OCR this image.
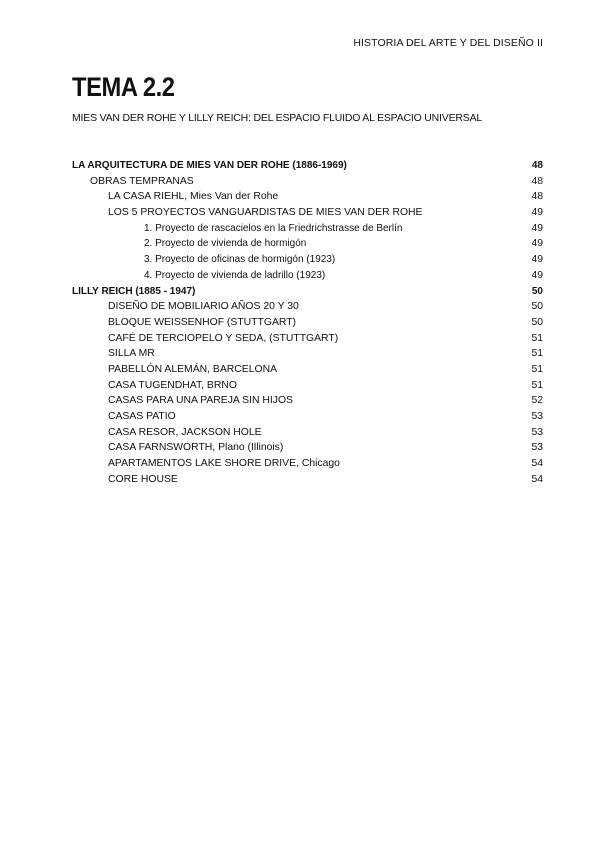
HISTORIA DEL ARTE Y DEL DISEÑO II
TEMA 2.2
MIES VAN DER ROHE Y LILLY REICH: DEL ESPACIO FLUIDO AL ESPACIO UNIVERSAL
LA ARQUITECTURA DE MIES VAN DER ROHE (1886-1969)	48
OBRAS TEMPRANAS	48
LA CASA RIEHL, Mies Van der Rohe	48
LOS 5 PROYECTOS VANGUARDISTAS DE MIES VAN DER ROHE	49
1. Proyecto de rascacielos en la Friedrichstrasse de Berlín	49
2. Proyecto de vivienda de hormigón	49
3. Proyecto de oficinas de hormigón (1923)	49
4. Proyecto de vivienda de ladrillo (1923)	49
LILLY REICH (1885 - 1947)	50
DISEÑO DE MOBILIARIO AÑOS 20 Y 30	50
BLOQUE WEISSENHOF (STUTTGART)	50
CAFÉ DE TERCIOPELO Y SEDA, (STUTTGART)	51
SILLA MR	51
PABELLÓN ALEMÁN, BARCELONA	51
CASA TUGENDHAT, BRNO	51
CASAS PARA UNA PAREJA SIN HIJOS	52
CASAS PATIO	53
CASA RESOR, JACKSON HOLE	53
CASA FARNSWORTH, Plano (Illinois)	53
APARTAMENTOS LAKE SHORE DRIVE, Chicago	54
CORE HOUSE	54
